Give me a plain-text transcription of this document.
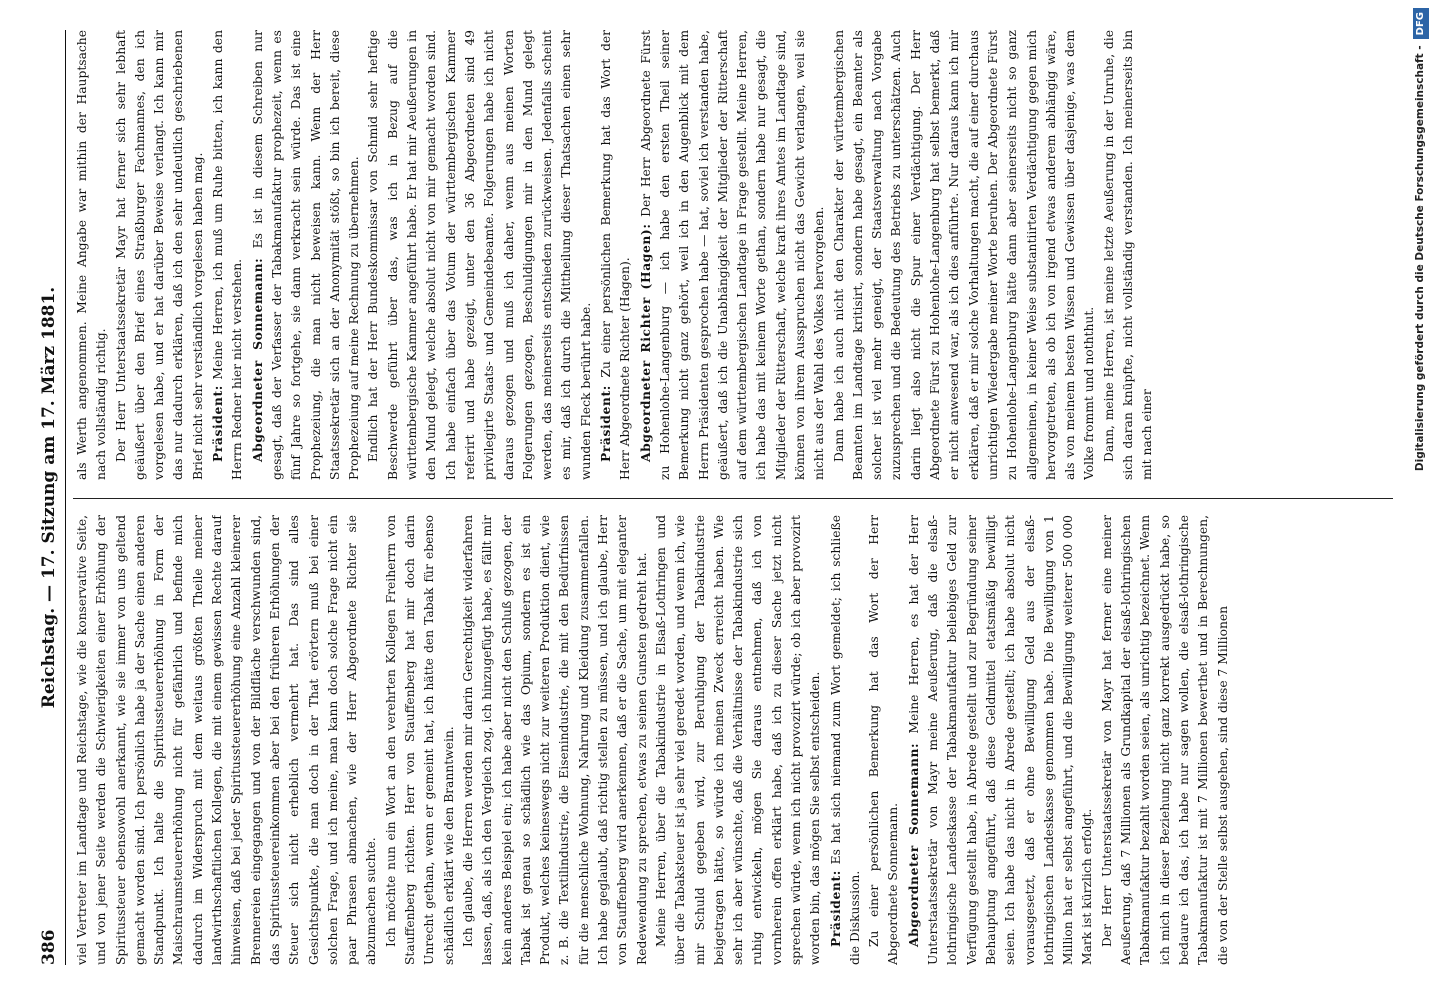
386
Reichstag. — 17. Sitzung am 17. März 1881.

viel Vertreter im Landtage und Reichstage, wie die konservative Seite, und von jener Seite werden die Schwierigkeiten einer Erhöhung der Spiritussteuer ebensowohl anerkannt, wie sie immer von uns geltend gemacht worden sind. Ich persönlich habe ja der Sache einen anderen Standpunkt. Ich halte die Spiritussteuererhöhung in Form der Maischraumsteuererhöhung nicht für gefährlich und befinde mich dadurch im Widerspruch mit dem weitaus größten Theile meiner landwirthschaftlichen Kollegen, die mit einem gewissen Rechte darauf hinweisen, daß bei jeder Spiritussteuererhöhung eine Anzahl kleinerer Brennereien eingegangen und von der Bildfläche verschwunden sind, das Spiritussteuereinkommen aber bei den früheren Erhöhungen der Steuer sich nicht erheblich vermehrt hat. Das sind alles Gesichtspunkte, die man doch in der That erörtern muß bei einer solchen Frage, und ich meine, man kann doch solche Frage nicht ein paar Phrasen abmachen, wie der Herr Abgeordnete Richter sie abzumachen suchte. Ich möchte nun ein Wort an den verehrten Kollegen Freiherrn von Stauffenberg richten. Herr von Stauffenberg hat mir doch darin Unrecht gethan, wenn er gemeint hat, ich hätte den Tabak für ebenso schädlich erklärt wie den Branntwein. Ich glaube, die Herren werden mir darin Gerechtigkeit widerfahren lassen, daß, als ich den Vergleich zog, ich hinzugefügt habe, es fällt mir kein anderes Beispiel ein; ich habe aber nicht den Schluß gezogen, der Tabak ist genau so schädlich wie das Opium, sondern es ist ein Produkt, welches keineswegs nicht zur weiteren Produktion dient, wie z. B. die Textilindustrie, die Eisenindustrie, die mit den Bedürfnissen für die menschliche Wohnung, Nahrung und Kleidung zusammenfallen. Ich habe geglaubt, daß richtig stellen zu müssen, und ich glaube, Herr von Stauffenberg wird anerkennen, daß er die Sache, um mit eleganter Redewendung zu sprechen, etwas zu seinen Gunsten gedreht hat. Meine Herren, über die Tabakindustrie in Elsaß-Lothringen und über die Tabaksteuer ist ja sehr viel geredet worden, und wenn ich, wie mir Schuld gegeben wird, zur Beruhigung der Tabakindustrie beigetragen hätte, so würde ich meinen Zweck erreicht haben. Wie sehr ich aber wünschte, daß die Verhältnisse der Tabakindustrie sich ruhig entwickeln, mögen Sie daraus entnehmen, daß ich von vornherein offen erklärt habe, daß ich zu dieser Sache jetzt nicht sprechen würde, wenn ich nicht provozirt würde; ob ich aber provozirt worden bin, das mögen Sie selbst entscheiden. Präsident: Es hat sich niemand zum Wort gemeldet; ich schließe die Diskussion. Zu einer persönlichen Bemerkung hat das Wort der Herr Abgeordnete Sonnemann. Abgeordneter Sonnemann: Meine Herren, es hat der Herr Unterstaatssekretär von Mayr meine Aeußerung, daß die elsaß-lothringische Landeskasse der Tabakmanufaktur beliebiges Geld zur Verfügung gestellt habe, in Abrede gestellt und zur Begründung seiner Behauptung angeführt, daß diese Geldmittel etatsmäßig bewilligt seien. Ich habe das nicht in Abrede gestellt; ich habe absolut nicht vorausgesetzt, daß er ohne Bewilligung Geld aus der elsaß-lothringischen Landeskasse genommen habe. Die Bewilligung von 1 Million hat er selbst angeführt, und die Bewilligung weiterer 500 000 Mark ist kürzlich erfolgt. Der Herr Unterstaatssekretär von Mayr hat ferner eine meiner Aeußerung, daß 7 Millionen als Grundkapital der elsaß-lothringischen Tabakmanufaktur bezahlt worden seien, als unrichtig bezeichnet. Wenn ich mich in dieser Beziehung nicht ganz korrekt ausgedrückt habe, so bedaure ich das, ich habe nur sagen wollen, die elsaß-lothringische Tabakmanufaktur ist mit 7 Millionen bewerthet und in Berechnungen, die von der Stelle selbst ausgehen, sind diese 7 Millionen

als Werth angenommen. Meine Angabe war mithin der Hauptsache nach vollständig richtig. Der Herr Unterstaatssekretär Mayr hat ferner sich sehr lebhaft geäußert über den Brief eines Straßburger Fachmannes, den ich vorgelesen habe, und er hat darüber Beweise verlangt. Ich kann mir das nur dadurch erklären, daß ich den sehr undeutlich geschriebenen Brief nicht sehr verständlich vorgelesen haben mag. Präsident: Meine Herren, ich muß um Ruhe bitten, ich kann den Herrn Redner hier nicht verstehen. Abgeordneter Sonnemann: Es ist in diesem Schreiben nur gesagt, daß der Verfasser der Tabakmanufaktur prophezeit, wenn es fünf Jahre so fortgehe, sie dann verkracht sein würde. Das ist eine Prophezeiung, die man nicht beweisen kann. Wenn der Herr Staatssekretär sich an der Anonymität stößt, so bin ich bereit, diese Prophezeiung auf meine Rechnung zu übernehmen. Endlich hat der Herr Bundeskommissar von Schmid sehr heftige Beschwerde geführt über das, was ich in Bezug auf die württembergische Kammer angeführt habe. Er hat mir Aeußerungen in den Mund gelegt, welche absolut nicht von mir gemacht worden sind. Ich habe einfach über das Votum der württembergischen Kammer referirt und habe gezeigt, unter den 36 Abgeordneten sind 49 privilegirte Staats- und Gemeindebeamte. Folgerungen habe ich nicht daraus gezogen und muß ich daher, wenn aus meinen Worten Folgerungen gezogen, Beschuldigungen mir in den Mund gelegt werden, das meinerseits entschieden zurückweisen. Jedenfalls scheint es mir, daß ich durch die Mittheilung dieser Thatsachen einen sehr wunden Fleck berührt habe. Präsident: Zu einer persönlichen Bemerkung hat das Wort der Herr Abgeordnete Richter (Hagen). Abgeordneter Richter (Hagen): Der Herr Abgeordnete Fürst zu Hohenlohe-Langenburg — ich habe den ersten Theil seiner Bemerkung nicht ganz gehört, weil ich in den Augenblick mit dem Herrn Präsidenten gesprochen habe — hat, soviel ich verstanden habe, geäußert, daß ich die Unabhängigkeit der Mitglieder der Ritterschaft auf dem württembergischen Landtage in Frage gestellt. Meine Herren, ich habe das mit keinem Worte gethan, sondern habe nur gesagt, die Mitglieder der Ritterschaft, welche kraft ihres Amtes im Landtage sind, können von ihrem Ausspruchen nicht das Gewicht verlangen, weil sie nicht aus der Wahl des Volkes hervorgehen. Dann habe ich auch nicht den Charakter der württembergischen Beamten im Landtage kritisirt, sondern habe gesagt, ein Beamter als solcher ist viel mehr geneigt, der Staatsverwaltung nach Vorgabe zuzusprechen und die Bedeutung des Betriebs zu unterschätzen. Auch darin liegt also nicht die Spur einer Verdächtigung. Der Herr Abgeordnete Fürst zu Hohenlohe-Langenburg hat selbst bemerkt, daß er nicht anwesend war, als ich dies anführte. Nur daraus kann ich mir erklären, daß er mir solche Vorhaltungen macht, die auf einer durchaus unrichtigen Wiedergabe meiner Worte beruhen. Der Abgeordnete Fürst zu Hohenlohe-Langenburg hätte dann aber seinerseits nicht so ganz allgemeinen, in keiner Weise substantiirten Verdächtigung gegen mich hervorgetreten, als ob ich von irgend etwas anderem abhängig wäre, als von meinem besten Wissen und Gewissen über dasjenige, was dem Volke frommt und noththut. Dann, meine Herren, ist meine letzte Aeußerung in der Unruhe, die sich daran knüpfte, nicht vollständig verstanden. Ich meinerseits bin mit nach einer	Digitalisierung gefördert durch die Deutsche Forschungsgemeinschaft -DFG
